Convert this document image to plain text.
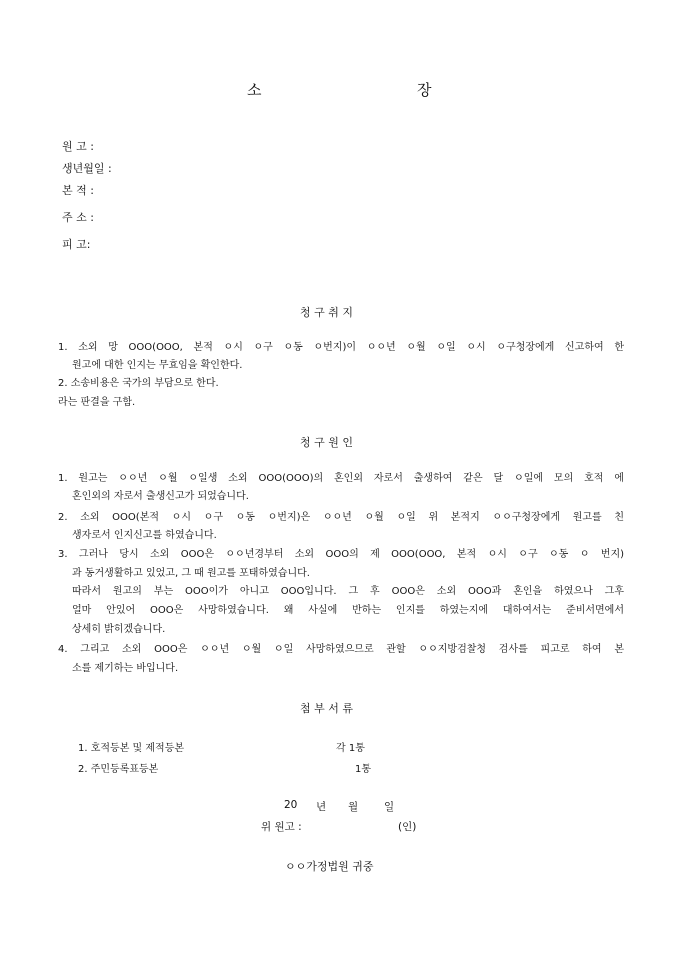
소	장
원 고 :
생년월일 :
본 적 :
주 소 :
피 고:
청 구 취 지
1. 소외 망 OOO(OOO, 본적 ㅇ시 ㅇ구 ㅇ동 ㅇ번지)이 ㅇㅇ년 ㅇ월 ㅇ일 ㅇ시 ㅇ구청장에게 신고하여 한
원고에 대한 인지는 무효임을 확인한다.
2. 소송비용은 국가의 부담으로 한다.
라는 판결을 구함.
청 구 원 인
1. 원고는 ㅇㅇ년 ㅇ월 ㅇ일생 소외 OOO(OOO)의 혼인외 자로서 출생하여 같은 달 ㅇ일에 모의 호적 에
혼인외의 자로서 출생신고가 되었습니다.
2. 소외 OOO(본적 ㅇ시 ㅇ구 ㅇ동 ㅇ번지)은 ㅇㅇ년 ㅇ월 ㅇ일 위 본적지 ㅇㅇ구청장에게 원고를 친
생자로서 인지신고를 하였습니다.
3. 그러나 당시 소외 OOO은 ㅇㅇ년경부터 소외 OOO의 제 OOO(OOO, 본적 ㅇ시 ㅇ구 ㅇ동 ㅇ 번지)
과 동거생활하고 있었고, 그 때 원고를 포태하였습니다.
따라서 원고의 부는 OOO이가 아니고 OOO입니다. 그 후 OOO은 소외 OOO과 혼인을 하였으나 그후
얼마 안있어 OOO은 사망하였습니다. 왜 사실에 반하는 인지를 하였는지에 대하여서는 준비서면에서
상세히 밝히겠습니다.
4. 그리고 소외 OOO은 ㅇㅇ년 ㅇ월 ㅇ일 사망하였으므로 관할 ㅇㅇ지방검찰청 검사를 피고로 하여 본
소를 제기하는 바입니다.
첨 부 서 류
1. 호적등본 및 제적등본	각 1통
2. 주민등록표등본	1통
20 년 월 일
위 원고 :	(인)
ㅇㅇ가정법원 귀중
